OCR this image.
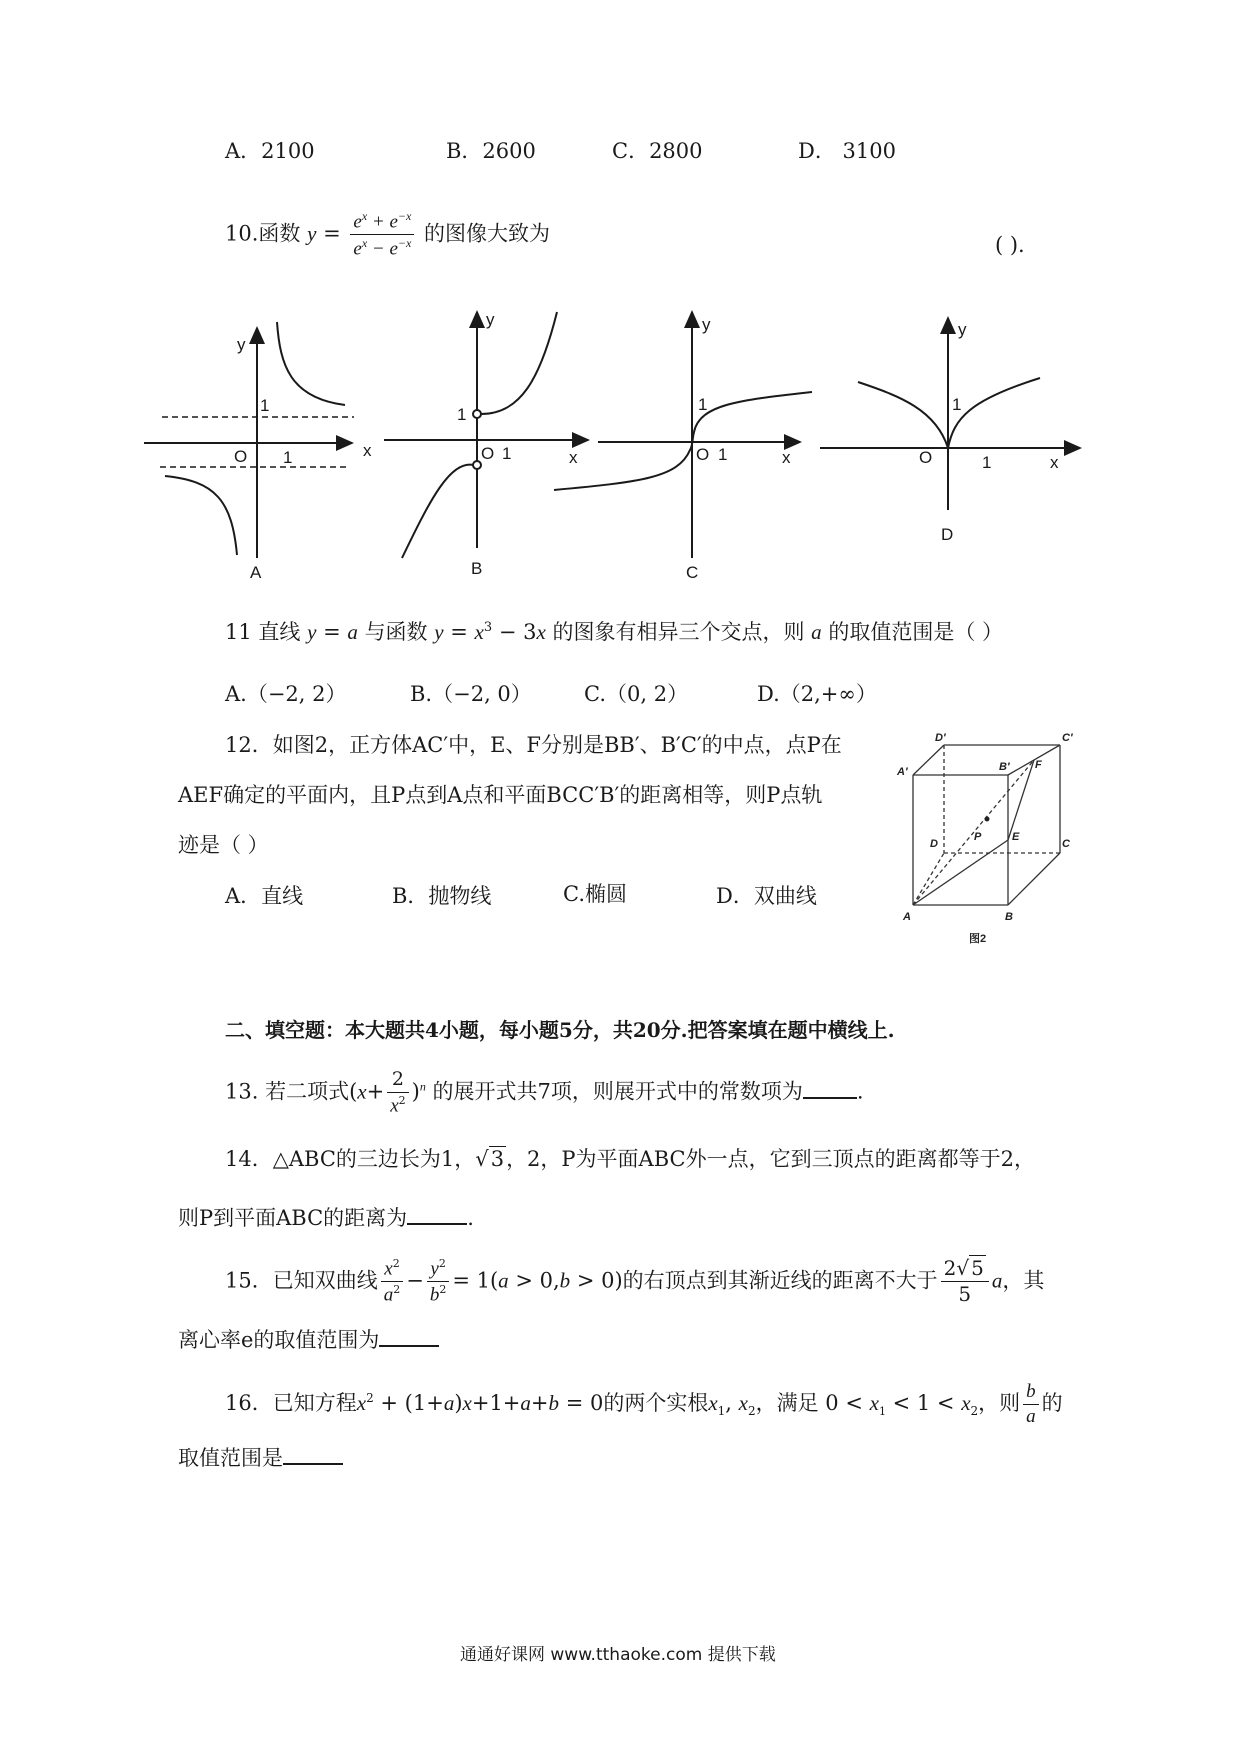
A．2100	B．2600	C．2800	D． 3100
10.函数 $y = \frac{e^x + e^{-x}}{e^x - e^{-x}}$ 的图像大致为	( ).
y
1
O 1	x
A
y
1
O 1	x
B
y
1
O 1	x
C
y
1
O	1	x
D
11 直线 y = a 与函数 $y = x^3 - 3x$ 的图象有相异三个交点，则 a 的取值范围是（ ）
A.（−2, 2）	B.（−2, 0） C.（0, 2）	D.（2,+∞）
12．如图2，正方体AC′中，E、F分别是BB′、B′C′的中点，点P在
AEF确定的平面内，且P点到A点和平面BCC′B′的距离相等，则P点轨
迹是（ ）
A．直线	B．抛物线	C.椭圆	D．双曲线
D′	C′
A′	B′ F
D
P	E
C
A	B
图2
二、填空题：本大题共4小题，每小题5分，共20分.把答案填在题中横线上.
13. 若二项式$(x+ \frac{2}{x^2} )^n$ 的展开式共7项，则展开式中的常数项为	.
14．△ABC的三边长为1，√3，2，P为平面ABC外一点，它到三顶点的距离都等于2，
则P到平面ABC的距离为	.
15．已知双曲线 $\frac{x^2}{a^2} - \frac{y^2}{b^2} = 1(a > 0,b > 0)$的右顶点到其渐近线的距离不大于 $\frac{2√ 5}{5}$ a，其
离心率e的取值范围为
16．已知方程$x^2 + (1+a)x+1+a+b = 0$的两个实根$x_1$, $x_2$，满足 $0 < x_1 < 1 < x_2$，则 $\frac{b}{a}$ 的
取值范围是
通通好课网 www.tthaoke.com 提供下载
